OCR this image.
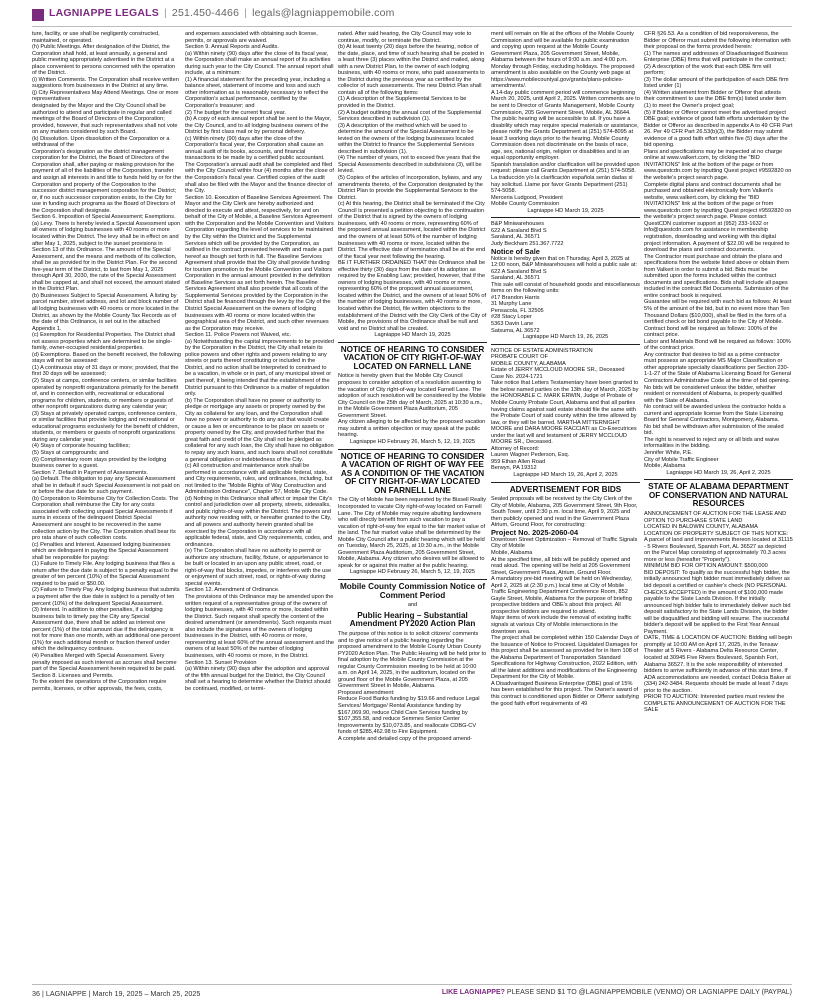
LAGNIAPPE LEGALS | 251.450-4466 | legals@lagniappemobile.com

ture, facility, or use shall be negligently constructed, maintained, or operated.

(h) Public Meetings. After designation of the District, the Corporation shall hold, at least annually, a general and public meeting appropriately advertised in the District at a place convenient to persons concerned with the operation of the District.

(i) Written Comments. The Corporation shall receive written suggestions from businesses in the District at any time.

(j) City Representatives May Attend Meetings. One or more representatives

designated by the Mayor and the City Council shall be authorized to attend and participate in regular and called meetings of the Board of Directors of the Corporation; provided, however, that such representatives shall not vote on any matters considered by such Board.

(k) Dissolution. Upon dissolution of the Corporation or a withdrawal of the

Corporation's designation as the district management corporation for the District, the Board of Directors of the Corporation shall, after paying or making provision for the payment of all of the liabilities of the Corporation, transfer and assign all interests in and title to funds held by or for the Corporation and property of the Corporation to the successor district management corporation for the District; or, if no such successor corporation exists, to the City for use in funding such programs as the Board of Directors of the Corporation shall designate.

Section 6. Imposition of Special Assessment; Exemptions.

(a) Levy. There is hereby levied a Special Assessment upon all owners of lodging businesses with 40 rooms or more located within the District. The levy shall be in effect on and after May 1, 2025, subject to the sunset provisions in Section 13 of this Ordinance. The amount of the Special Assessment, and the means and methods of its collection, shall be as provided for in the District Plan. For the second five-year term of the District, to last from May 1, 2025 through April 30, 2030, the rate of the Special Assessment shall be capped at, and shall not exceed, the amount stated in the District Plan.

(b) Businesses Subject to Special Assessment. A listing by parcel number, street address, and lot and block number of all lodging businesses with 40 rooms or more located in the District, as shown by the Mobile County Tax Records as of the date of this Ordinance, is set out in the attached Appendix 1.

(c) Exemption for Residential Properties. The District shall not assess properties which are determined to be single-family, owner-occupied residential properties.

(d) Exemptions. Based on the benefit received, the following stays will not be assessed:

(1) A continuous stay of 31 days or more; provided, that the first 30 days will be assessed;

(2) Stays at camps, conference centers, or similar facilities operated by nonprofit organizations primarily for the benefit of, and in connection with, recreational or educational programs for children, students, or members or guests of other nonprofit organizations during any calendar year;

(3) Stays at privately operated camps, conference centers, or similar facilities that provide lodging and recreational or educational programs exclusively for the benefit of children, students, or members or guests of nonprofit organizations during any calendar year;

(4) Stays of corporate housing facilities;

(5) Stays at campgrounds; and

(6) Complimentary room stays provided by the lodging business owner to a guest.

Section 7. Default in Payment of Assessments.

(a) Default. The obligation to pay any Special Assessment shall be in default if such Special Assessment is not paid on or before the due date for such payment.

(b) Corporation to Reimburse City for Collection Costs. The Corporation shall reimburse the City for any costs associated with collecting unpaid Special Assessments if sums in excess of the delinquent District Special Assessment are sought to be recovered in the same collection action by the City. The Corporation shall bear its pro rata share of such collection costs.

(c) Penalties and Interest. Assessed lodging businesses which are delinquent in paying the Special Assessment shall be responsible for paying:

(1) Failure to Timely File. Any lodging business that files a return after the due date is subject to a penalty equal to the greater of ten percent (10%) of the Special Assessment required to be paid or $50.00.

(2) Failure to Timely Pay. Any lodging business that submits a payment after the due date is subject to a penalty of ten percent (10%) of the delinquent Special Assessment.

(3) Interest. In addition to other penalties, if a lodging business fails to timely pay the City any Special Assessment due, there shall be added as interest one percent (1%) of the total amount due if the delinquency is not for more than one month, with an additional one percent (1%) for each additional month or fraction thereof under which the delinquency continues.

(4) Penalties Merged with Special Assessment. Every penalty imposed as such interest as accrues shall become part of the Special Assessment herein required to be paid.

Section 8. Licenses and Permits.

To the extent the operations of the Corporation require permits, licenses, or other approvals, the fees, costs,

and expenses associated with obtaining such license, permits, or approvals are waived.

Section 9. Annual Reports and Audits.

(a) Within ninety (90) days after the close of its fiscal year, the Corporation shall make an annual report of its activities during such year to the City Council. The annual report shall include, at a minimum:

(1) A financial statement for the preceding year, including a balance sheet, statement of income and loss and such other information as is reasonably necessary to reflect the Corporation's actual performance, certified by the Corporation's treasurer; and

(2) The budget for the current fiscal year.

(b) A copy of each annual report shall be sent to the Mayor, the City Council, and to all lodging business owners of the District by first class mail or by personal delivery.

(c) Within ninety (90) days after the close of the Corporation's fiscal year, the Corporation shall cause an annual audit of its books, accounts, and financial transactions to be made by a certified public accountant. The Corporation's annual audit shall be completed and filed with the City Council within four (4) months after the close of the Corporation's fiscal year. Certified copies of the audit shall also be filed with the Mayor and the finance director of the City.

Section 10. Execution of Baseline Services Agreement. The Mayor and the City Clerk are hereby authorized and directed to execute and attest, respectively, for and on behalf of the City of Mobile, a Baseline Services Agreement with the Corporation and the Mobile Convention and Visitors Corporation regarding the level of services to be maintained by the City within the District and the Supplemental Services which will be provided by the Corporation, as outlined in the contract presented herewith and made a part hereof as though set forth in full. The Baseline Services Agreement shall provide that the City shall provide funding for tourism promotion to the Mobile Convention and Visitors Corporation in the annual amount provided in the definition of Baseline Services as set forth herein. The Baseline Services Agreement shall also provide that all costs of the Supplemental Services provided by the Corporation in the District shall be financed through the levy by the City of the District Special Assessment on the owners of lodging businesses with 40 rooms or more located within the geographical area of the District, and such other revenues as the Corporation may receive.

Section 11. Police Powers not Waived, etc.

(a) Notwithstanding the capital improvements to be provided by the Corporation in the District, the City shall retain its police powers and other rights and powers relating to any streets or parts thereof constituting or included in the District, and no action shall be interpreted to construed to be a vacation, in whole or in part, of any municipal street or part thereof, it being intended that the establishment of the District pursuant to this Ordinance is a matter of regulation only.

(b) The Corporation shall have no power or authority to pledge or mortgage any assets or property owned by the City as collateral for any loan, and the Corporation shall have no power or authority to do any act that would create or cause a lien or encumbrance to be place on assets or property owned by the City, and provided further that the great faith and credit of the City shall not be pledged as collateral for any such loan, the City shall have no obligation to repay any such loans, and such loans shall not constitute a general obligation or indebtedness of the City.

(c) All construction and maintenance work shall be performed in accordance with all applicable federal, state, and City requirements, rules, and ordinances, including, but not limited to the "Mobile Rights of Way Construction and Administration Ordinance", Chapter 57, Mobile City Code.

(d) Nothing in this Ordinance shall affect or impair the City's control and jurisdiction over all property, streets, sidewalks, and public rights-of-way within the District. The powers and authority now residing with, or hereafter granted to the City, and all powers and authority herein granted shall be exercised by the Corporation in accordance with all applicable federal, state, and City requirements, codes, and ordinances.

(e) The Corporation shall have no authority to permit or authorize any structure, facility, fixture, or appurtenance to be built or located in an upon any public street, road, or right-of-way that blocks, impedes, or interferes with the use or enjoyment of such street, road, or rights-of-way during special events.

Section 12. Amendment of Ordinance.

The provisions of this Ordinance may be amended upon the written request of a representative group of the owners of lodging businesses, with 40 rooms or more, located within the District. Such request shall specify the content of the desired amendment (or amendments). Such requests must also include the signatures of the owners of lodging businesses in the District, with 40 rooms or more, representing at least 60% of the annual assessment and the owners of at least 50% of the number of lodging businesses, with 40 rooms or more, in the District.

Section 13. Sunset Provision

(a) Within ninety (90) days after the adoption and approval of the fifth annual budget for the District, the City Council shall set a hearing to determine whether the District should be continued, modified, or termi-

nated. After said hearing, the City Council may vote to continue, modify, or terminate the District.

(b) At least twenty (20) days before the hearing, notice of the date, place, and time of such hearing shall be posted in a least three (3) places within the District and mailed, along with a new District Plan, to the owner of each lodging business, with 40 rooms or more, who paid assessments to the District during the previous year as certified by the collector of such assessments. The new District Plan shall contain all of the following items:

(1) A description of the Supplemental Services to be provided in the District.

(2) A budget outlining the annual cost of the Supplemental Services described in subdivision (1).

(3) A description of the method which will be used to determine the amount of the Special Assessment to be levied on the owners of the lodging businesses located within the District to finance the Supplemental Services described in subdivision (1).

(4) The number of years, not to exceed five years that the Special Assessments described in subdivisions (3), will be levied.

(5) Copies of the articles of incorporation, bylaws, and any amendments thereto, of the Corporation designated by the District Plan to provide the Supplemental Services to the District.

(c) At this hearing, the District shall be terminated if the City Council is presented a petition objecting to the continuation of the District that is signed by the owners of lodging businesses, with 40 rooms or more, representing 60% of the proposed annual assessment, located within the District and the owners of at least 50% of the number of lodging businesses with 40 rooms or more, located within the District. The effective date of termination shall be at the end of the fiscal year next following the hearing.

BE IT FURTHER ORDAINED THAT this Ordinance shall be effective thirty (30) days from the date of its adoption as required by the Enabling Law; provided, however, that if the owners of lodging businesses, with 40 rooms or more, representing 60% of the proposed annual assessment, located within the District, and the owners of at least 50% of the number of lodging businesses, with 40 rooms or more, located within the District, file written objections to the establishment of the District with the City Clerk of the City of Mobile, the provisions of this Ordinance shall be null and void and no District shall be created.

Lagniappe HD March 19, 2025

NOTICE OF HEARING TO CONSIDER VACATION OF CITY RIGHT-OF-WAY LOCATED ON FARNELL LANE

Notice is hereby given that the Mobile City Council proposes to consider adoption of a resolution assenting to the vacation of City right-of-way located Farnell Lane. The adoption of such resolution will be considered by the Mobile City Council on the 25th day of March, 2025 at 10:30 a.m., in the Mobile Government Plaza Auditorium, 205 Government Street.

Any citizen alleging to be affected by the proposed vacation may submit a written objection or may speak at the public hearing.

Lagniappe HD February 26, March 5, 12, 19, 2025

NOTICE OF HEARING TO CONSIDER A VACATION OF RIGHT OF WAY FEE AS A CONDITION OF THE VACATION OF CITY RIGHT-OF-WAY LOCATED ON FARNELL LANE

The City of Mobile has been requested by the Bissell Realty Incorporated to vacate City right-of-way located on Farnell Lane. The City of Mobile may require abutting landowners who will directly benefit from such vacation to pay a vacation of right-of-way fee equal to the fair market value of the land. The fair market value shall be determined by the Mobile City Council after a public hearing which will be held on Tuesday, March 25, 2025, at 10:30 a.m., in the Mobile Government Plaza Auditorium, 205 Government Street, Mobile, Alabama. Any citizen who desires will be allowed to speak for or against this matter at the public hearing.

Lagniappe HD February 26, March 5, 12, 19, 2025

Mobile County Commission Notice of Comment Period

and

Public Hearing – Substantial Amendment PY2020 Action Plan

The purpose of this notice is to solicit citizens' comments and to give notice of a public hearing regarding the proposed amendment to the Mobile County Urban County PY2020 Action Plan. The Public Hearing will be held prior to final adoption by the Mobile County Commission at the regular County Commission meeting to be held at 10:00 a.m. on April 14, 2025, in the auditorium, located on the ground floor of the Mobile Government Plaza, at 205 Government Street in Mobile, Alabama.

Proposed amendment:

Reduce Food Banks funding by $19.66 and reduce Legal Services/ Mortgage/ Rental Assistance funding by $167,069.90, reduce Child Care Services funding by $107,355.58, and reduce Semmes Senior Center Improvements by $10,073.85, and reallocate CDBG-CV funds of $285,462.98 to Fire Equipment.

A complete and detailed copy of the proposed amend-

ment will remain on file at the offices of the Mobile County Commission and will be available for public examination and copying upon request at the Mobile County Government Plaza, 205 Government Street, Mobile, Alabama between the hours of 9:00 a.m. and 4:00 p.m. Monday through Friday, excluding holidays. The proposed amendment is also available on the County web page at https://www.mobilecountyal.gov/grants/plans-policies-amendments/.

A 14-day public comment period will commence beginning March 20, 2025, until April 2, 2025. Written comments are to be sent to Director of Grants Management, Mobile County Commission, 205 Government Street, Mobile, AL 36644.

The public hearing will be accessible to all. If you have a disability which may require special materials or assistance, please notify the Grants Department at (251) 574-8095 at least 3 working days prior to the hearing. Mobile County Commission does not discriminate on the basis of race, age, sex, national origin, religion or disabilities and is an equal opportunity employer.

Spanish translation and/or clarification will be provided upon request: please call Grants Department at (251) 574-5058. La traducción y/o la clarificación española serán dadas si hay solicitud. Llame por favor Grants Department (251) 574-5058.

Merceria Ludgood, President

Mobile County Commission

Lagniappe HD March 19, 2025

B&P Miniwarehouses

622 A Saraland Blvd S

Saraland, AL 36571

Judy Beckham 251.367.7722

Notice of Sale

Notice is hereby given that on Thursday, April 3, 2025 at 12:00 noon, B&P Miniwarehouses will hold a public sale at:

622 A Saraland Blvd S

Saraland, AL 36571

This sale will consist of household goods and miscellaneous items on the following units:

#17 Brandon Harris

31 Murphy Lane

Pensacola, FL 32505

#28 Stacy Loper

5363 Davin Lane

Satsuma, AL 36572

Lagniappe HD March 19, 26, 2025

NOTICE OF ESTATE ADMINISTRATION

PROBATE COURT OF

MOBILE COUNTY, ALABAMA

Estate of JERRY MCCLOUD MOORE SR., Deceased

Case No. 2024-1721

Take notice that Letters Testamentary have been granted to the below named parties on the 13th day of March, 2025 by the HONORABLE C. MARK ERWIN, Judge of Probate of Mobile County Probate Court, Alabama and that all parties having claims against said estate should file the same with the Probate Court of said county within the time allowed by law, or they will be barred. MARTHA MITTERNIGHT MOORE and DARA MOORE RACCIATI as Co-Executrices under the last will and testament of JERRY MCCLOUD MOORE SR., Deceased.

Attorney of Record:

Lauren Wagner Pederson, Esq.

959 Ethan Allen Road

Berwyn, PA 19312

Lagniappe HD March 19, 26, April 2, 2025

ADVERTISEMENT FOR BIDS

Sealed proposals will be received by the City Clerk of the City of Mobile, Alabama, 205 Government Street, 9th Floor, South Tower, until 2:30 p.m. local time, April 9, 2025 and then publicly opened and read in the Government Plaza Atrium, Ground Floor, for constructing:

Project No. 2025-2060-04

Downtown Street Optimization – Removal of Traffic Signals

City of Mobile

Mobile, Alabama

At the specified time, all bids will be publicly opened and read aloud. The opening will be held at 205 Government Street, Government Plaza, Atrium, Ground Floor.

A mandatory pre-bid meeting will be held on Wednesday, April 2, 2025 at (2:30 p.m.) local time at City of Mobile Traffic Engineering Department Conference Room, 852 Gayle Street, Mobile, Alabama for the purpose of briefing prospective bidders and OBE's about this project. All prospective bidders are required to attend.

Major items of work include the removal of existing traffic signals at various City of Mobile intersections in the downtown area.

The project shall be completed within 150 Calendar Days of the Issuance of Notice to Proceed. Liquidated Damages for this project shall be assessed as provided for in Item 108 of the Alabama Department of Transportation Standard Specifications for Highway Construction, 2022 Edition, with all the latest additions and modifications of the Engineering Department for the City of Mobile.

A Disadvantaged Business Enterprise (DBE) goal of 15% has been established for this project. The Owner's award of this contract is conditioned upon Bidder or Offeror satisfying the good faith effort requirements of 49

CFR §26.53. As a condition of bid responsiveness, the Bidder or Offeror must submit the following information with their proposal on the forms provided herein:

(1) The names and addresses of Disadvantaged Business Enterprise (DBE) firms that will participate in the contract;

(2) A description of the work that each DBE firm will perform;

(3) The dollar amount of the participation of each DBE firm listed under (1)

(4) Written statement from Bidder or Offeror that attests their commitment to use the DBE firm(s) listed under item (1) to meet the Owner's project goal;

(5) If Bidder or Offeror cannot meet the advertised project DBE goal; evidence of good faith efforts undertaken by the Bidder or Offeror as described in appendix A to 49 CFR Part 26. Per 49 CFR Part 26.53(b)(3), the Bidder may submit evidence of a good faith effort within five (5) days after the bid opening.

Plans and specifications may be inspected at no charge online at www.valkert.com, by clicking the "BID INVITATIONS" link at the bottom of the page or from www.questcdn.com by inputting Quest project #9592820 on the website's project search page.

Complete digital plans and contract documents shall be purchased and obtained electronically from Valkert's website, www.valkert.com, by clicking the "BID INVITATIONS" link at the bottom of the page or from www.questcdn.com by inputting Quest project #9592820 on the website's project search page. Please contact QuestCDN customer support at (952) 233-1632 or info@questcdn.com for assistance in membership registration, downloading and working with this digital project information. A payment of $22.00 will be required to download the plans and contract documents.

The Contractor must purchase and obtain the plans and specifications from the website listed above or obtain them from Valkert in order to submit a bid. Bids must be submitted upon the forms included within the contract documents and specifications. Bids shall include all pages included in the contract Bid Documents. Submission of the entire contract book is required.

Guarantee will be required with each bid as follows: At least 5% of the amount of the bid, but in no event more than Ten Thousand Dollars ($10,000), shall be filed in the form of a certified check or bid bond payable to the City of Mobile.

Contract bond will be required as follows: 100% of the contract price.

Labor and Materials Bond will be required as follows: 100% of the contract price.

Any contractor that desires to bid as a prime contractor must possess an appropriate MS Major Classification or other appropriate specialty classifications per Section 230-1-1-27 of the State of Alabama Licensing Board for General Contractors Administrative Code at the time of bid opening. No bids will be considered unless the bidder, whether resident or nonresident of Alabama, is properly qualified with the State of Alabama.

No contract will be awarded unless the contractor holds a current and appropriate license from the State Licensing Board for General Contractors, Montgomery, Alabama.

No bid shall be withdrawn after submission of the sealed bid.

The right is reserved to reject any or all bids and waive informalities in the bidding.

Jennifer White, P.E.

City of Mobile Traffic Engineer

Mobile, Alabama

Lagniappe HD March 19, 26, April 2, 2025

STATE OF ALABAMA DEPARTMENT OF CONSERVATION AND NATURAL RESOURCES

ANNOUNCEMENT OF AUCTION FOR THE LEASE AND OPTION TO PURCHASE STATE LAND

LOCATED IN BALDWIN COUNTY, ALABAMA

LOCATION OF PROPERTY SUBJECT OF THIS NOTICE:

A parcel of land and improvements thereon located at 31115 - 5 Rivers Boulevard, Spanish Fort, AL 36527 as depicted on the Parcel Map consisting of approximately 70.3 acres more or less (hereafter "Property").

MINIMUM BID FOR OPTION AMOUNT: $500,000

BID DEPOSIT: To qualify as the successful high bidder, the initially announced high bidder must immediately deliver as bid deposit a certified or cashier's check (NO PERSONAL CHECKS ACCEPTED) in the amount of $100,000 made payable to the State Lands Division. If the initially announced high bidder fails to immediately deliver such bid deposit satisfactory to the State Lands Division, the bidder will be disqualified and bidding will resume. The successful bidder's deposit will be applied to the First Year Annual Payment.

DATE, TIME & LOCATION OF AUCTION: Bidding will begin promptly at 10:00 AM on April 17, 2025, in the Tensaw Theater at 5 Rivers - Alabama Delta Resource Center, located at 30945 Five Rivers Boulevard, Spanish Fort, Alabama 36527. It is the sole responsibility of interested bidders to arrive sufficiently in advance of this start time. If ADA accommodations are needed, contact Dolicia Baker at (334) 242-3484. Requests should be made at least 7 days prior to the auction.

PRIOR TO AUCTION: Interested parties must review the COMPLETE ANNOUNCEMENT OF AUCTION FOR THE SALE

36 | LAGNIAPPE | March 19, 2025 – March 25, 2025	LIKE LAGNIAPPE? PLEASE SEND $1 TO @LAGNIAPPEMOBILE (VENMO) OR LAGNIAPPE DAILY (PAYPAL)
